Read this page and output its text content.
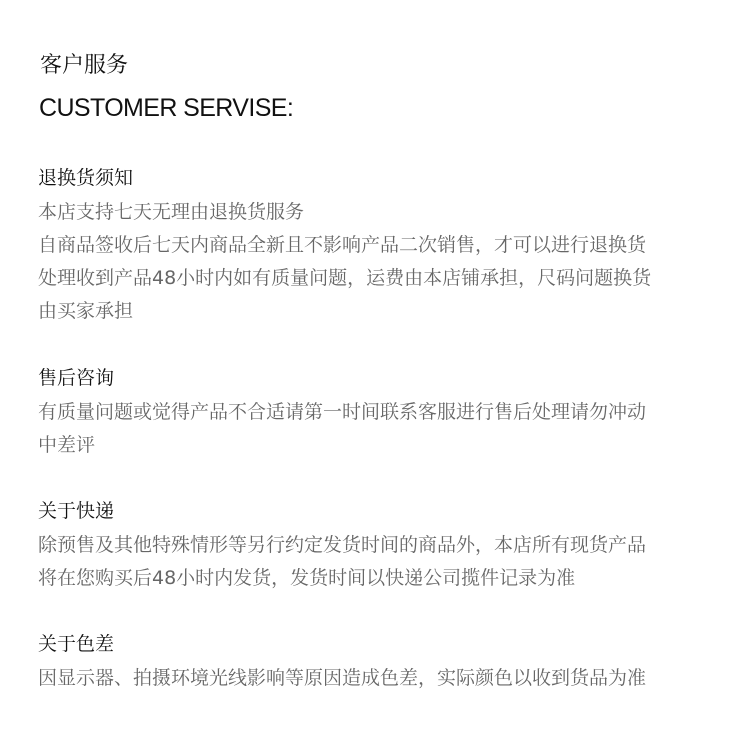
客户服务
CUSTOMER SERVISE:

退换货须知

本店支持七天无理由退换货服务

自商品签收后七天内商品全新且不影响产品二次销售，才可以进行退换货

处理收到产品48小时内如有质量问题，运费由本店铺承担，尺码问题换货

由买家承担

售后咨询

有质量问题或觉得产品不合适请第一时间联系客服进行售后处理请勿冲动

中差评

关于快递

除预售及其他特殊情形等另行约定发货时间的商品外，本店所有现货产品

将在您购买后48小时内发货，发货时间以快递公司揽件记录为准

关于色差

因显示器、拍摄环境光线影响等原因造成色差，实际颜色以收到货品为准
